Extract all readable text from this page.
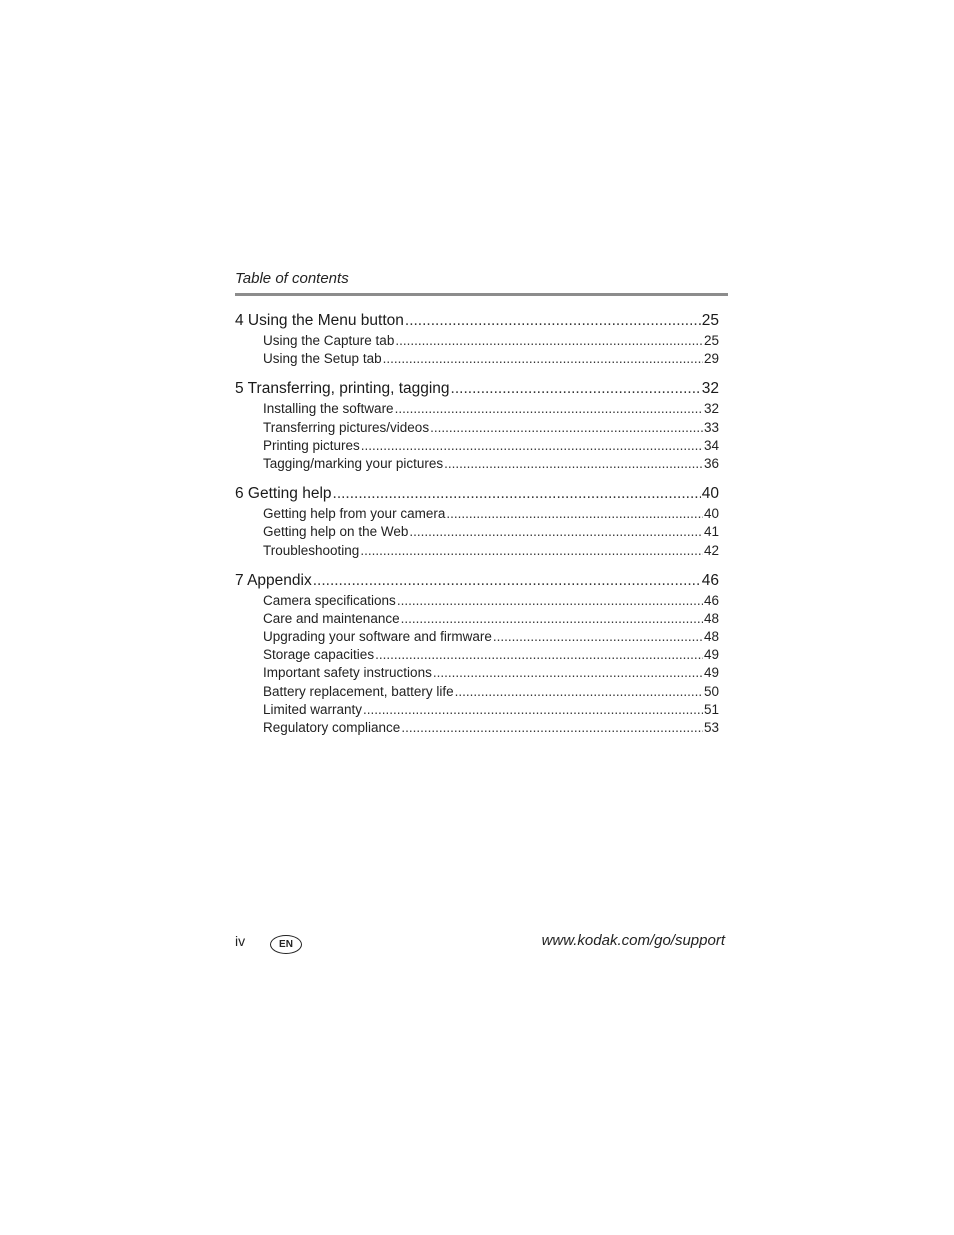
Table of contents
4 Using the Menu button .....	25
Using the Capture tab .....	25
Using the Setup tab .....	29
5 Transferring, printing, tagging .....	32
Installing the software .....	32
Transferring pictures/videos .....	33
Printing pictures .....	34
Tagging/marking your pictures .....	36
6 Getting help .....	40
Getting help from your camera .....	40
Getting help on the Web .....	41
Troubleshooting .....	42
7 Appendix .....	46
Camera specifications .....	46
Care and maintenance .....	48
Upgrading your software and firmware .....	48
Storage capacities .....	49
Important safety instructions .....	49
Battery replacement, battery life .....	50
Limited warranty .....	51
Regulatory compliance .....	53
iv	EN	www.kodak.com/go/support
